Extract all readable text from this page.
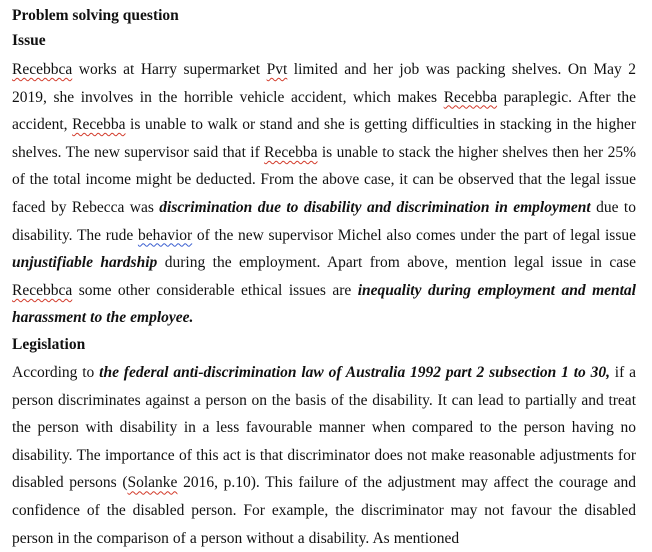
Problem solving question

Issue

Recebbca works at Harry supermarket Pvt limited and her job was packing shelves. On May 2 2019, she involves in the horrible vehicle accident, which makes Recebba paraplegic. After the accident, Recebba is unable to walk or stand and she is getting difficulties in stacking in the higher shelves. The new supervisor said that if Recebba is unable to stack the higher shelves then her 25% of the total income might be deducted. From the above case, it can be observed that the legal issue faced by Rebecca was discrimination due to disability and discrimination in employment due to disability. The rude behavior of the new supervisor Michel also comes under the part of legal issue unjustifiable hardship during the employment. Apart from above, mention legal issue in case Recebbca some other considerable ethical issues are inequality during employment and mental harassment to the employee.

Legislation

According to the federal anti-discrimination law of Australia 1992 part 2 subsection 1 to 30, if a person discriminates against a person on the basis of the disability. It can lead to partially and treat the person with disability in a less favourable manner when compared to the person having no disability. The importance of this act is that discriminator does not make reasonable adjustments for disabled persons (Solanke 2016, p.10). This failure of the adjustment may affect the courage and confidence of the disabled person. For example, the discriminator may not favour the disabled person in the comparison of a person without a disability. As mentioned
